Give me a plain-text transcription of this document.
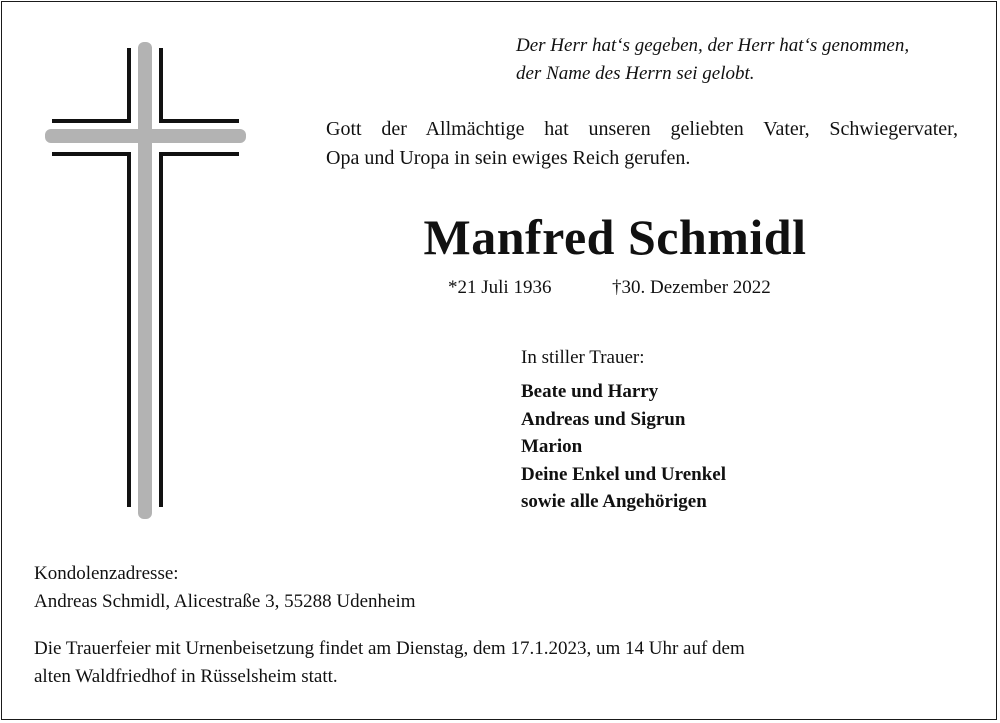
Der Herr hat‘s gegeben, der Herr hat‘s genommen,
der Name des Herrn sei gelobt.
Gott der Allmächtige hat unseren geliebten Vater, Schwiegervater,
Opa und Uropa in sein ewiges Reich gerufen.
Manfred Schmidl
*21 Juli 1936	†30. Dezember 2022
In stiller Trauer:
Beate und Harry
Andreas und Sigrun
Marion
Deine Enkel und Urenkel
sowie alle Angehörigen
Kondolenzadresse:
Andreas Schmidl, Alicestraße 3, 55288 Udenheim
Die Trauerfeier mit Urnenbeisetzung findet am Dienstag, dem 17.1.2023, um 14 Uhr auf dem
alten Waldfriedhof in Rüsselsheim statt.
